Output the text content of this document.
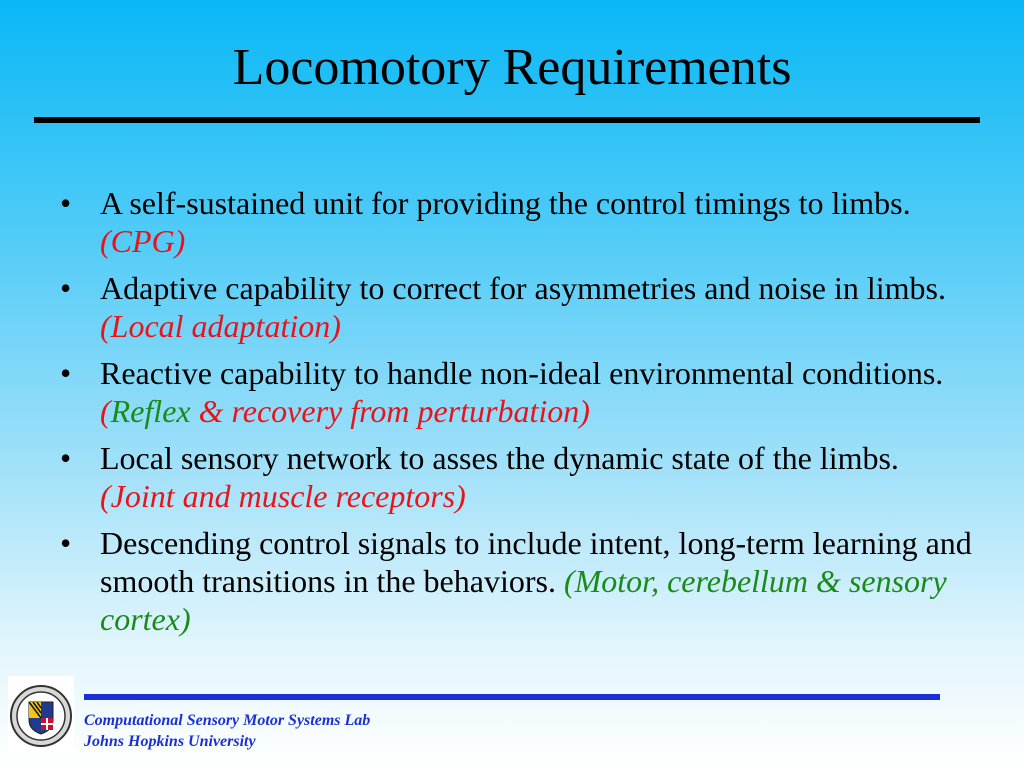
Locomotory Requirements
• A self-sustained unit for providing the control timings to limbs. (CPG)
• Adaptive capability to correct for asymmetries and noise in limbs. (Local adaptation)
• Reactive capability to handle non-ideal environmental conditions. (Reflex & recovery from perturbation)
• Local sensory network to asses the dynamic state of the limbs. (Joint and muscle receptors)
• Descending control signals to include intent, long-term learning and smooth transitions in the behaviors. (Motor, cerebellum & sensory cortex)
Computational Sensory Motor Systems Lab
Johns Hopkins University
